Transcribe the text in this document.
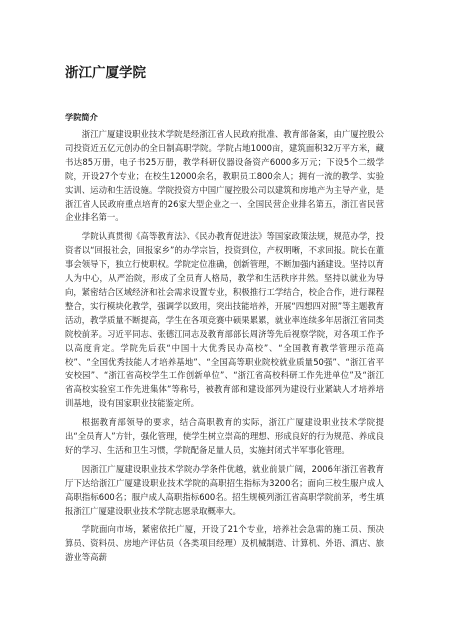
浙江广厦学院
学院简介

浙江广厦建设职业技术学院是经浙江省人民政府批准、教育部备案，由广厦控股公司投资近五亿元创办的全日制高职学院。学院占地1000亩，建筑面积32万平方米，藏书达85万册，电子书25万册，教学科研仪器设备资产6000多万元；下设5个二级学院，开设27个专业；在校生12000余名，教职员工800余人；拥有一流的教学、实验实训、运动和生活设施。学院投资方中国广厦控股公司以建筑和房地产为主导产业，是浙江省人民政府重点培育的26家大型企业之一、全国民营企业排名第五，浙江省民营企业排名第一。

学院认真贯彻《高等教育法》、《民办教育促进法》等国家政策法规，规范办学，投资者以“回报社会，回报家乡”的办学宗旨，投资到位，产权明晰，不求回报。院长在董事会领导下，独立行使职权。学院定位准确，创新管理，不断加强内涵建设。坚持以育人为中心，从严治院，形成了全员育人格局，教学和生活秩序井然。坚持以就业为导向，紧密结合区域经济和社会需求设置专业，积极推行工学结合，校企合作，进行课程整合，实行模块化教学，强调学以致用，突出技能培养，开展“四想四对照”等主题教育活动，教学质量不断提高，学生在各项竞赛中硕果累累，就业率连续多年居浙江省同类院校前茅。习近平同志、张德江同志及教育部部长周济等先后视察学院，对各项工作予以高度肯定。学院先后获“中国十大优秀民办高校”、“全国教育教学管理示范高校”、“全国优秀技能人才培养基地”、“全国高等职业院校就业质量50强”、“浙江省平安校园”、“浙江省高校学生工作创新单位”、“浙江省高校科研工作先进单位”及“浙江省高校实验室工作先进集体”等称号，被教育部和建设部列为建设行业紧缺人才培养培训基地，设有国家职业技能鉴定所。

根据教育部领导的要求，结合高职教育的实际，浙江广厦建设职业技术学院提出“全员育人”方针，强化管理，使学生树立崇高的理想、形成良好的行为规范、养成良好的学习、生活和卫生习惯，学院配备足量人员，实施封闭式半军事化管理。

因浙江广厦建设职业技术学院办学条件优越，就业前景广阔，2006年浙江省教育厅下达给浙江广厦建设职业技术学院的高职招生指标为3200名；面向三校生服户成人高职指标600名；服户成人高职指标600名。招生规模列浙江省高职学院前茅，考生填报浙江广厦建设职业技术学院志愿录取概率大。

学院面向市场，紧密依托广厦，开设了21个专业，培养社会急需的施工员、预决算员、资料员、房地产评估员（各类项目经理）及机械制造、计算机、外语、酒店、旅游业等高薪
